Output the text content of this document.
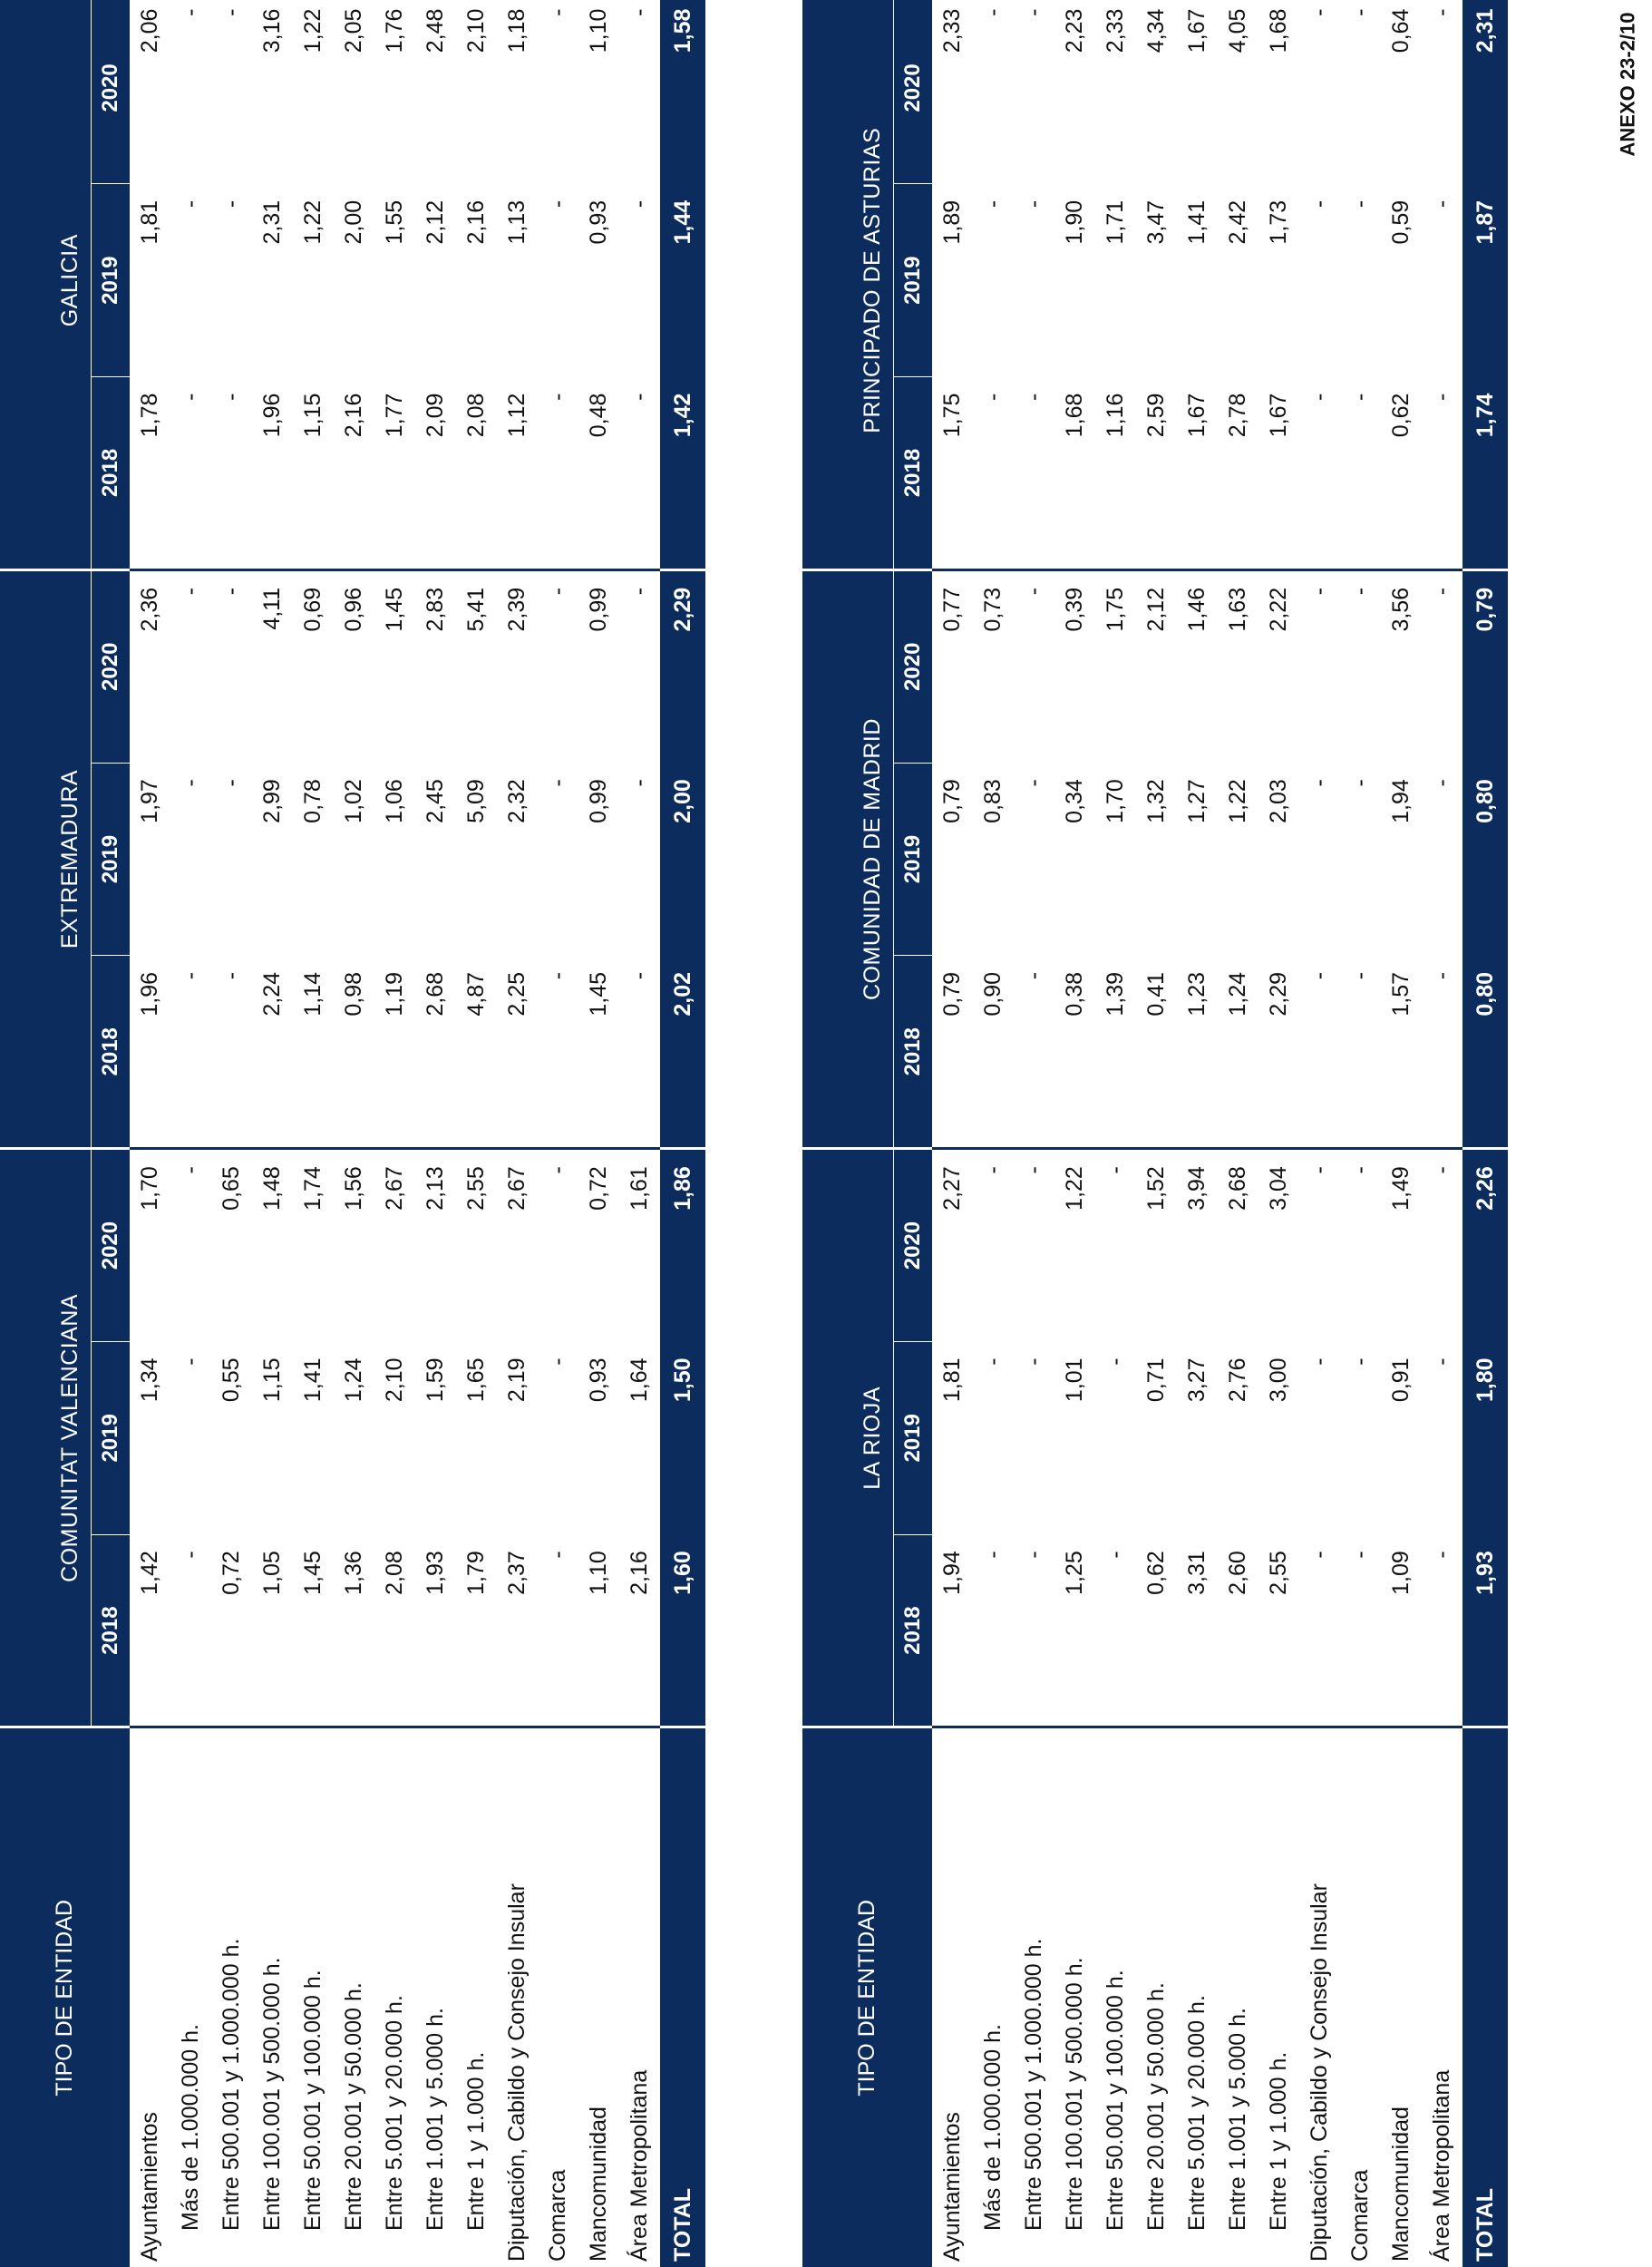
ANEXO 23-2/10
TIPO DE ENTIDAD	COMUNITAT VALENCIANA			EXTREMADURA			GALICIA	
	2018	2019	2020	2018	2019	2020	2018	2019	2020			
Ayuntamientos	1,42	1,34	1,70	1,96	1,97	2,36	1,78	1,81	2,06			
Más de 1.000.000 h.	-	-	-	-	-	-	-	-	-			
Entre 500.001 y 1.000.000 h.	0,72	0,55	0,65	-	-	-	-	-	-			
Entre 100.001 y 500.000 h.	1,05	1,15	1,48	2,24	2,99	4,11	1,96	2,31	3,16			
Entre 50.001 y 100.000 h.	1,45	1,41	1,74	1,14	0,78	0,69	1,15	1,22	1,22			
Entre 20.001 y 50.000 h.	1,36	1,24	1,56	0,98	1,02	0,96	2,16	2,00	2,05			
Entre 5.001 y 20.000 h.	2,08	2,10	2,67	1,19	1,06	1,45	1,77	1,55	1,76			
Entre 1.001 y 5.000 h.	1,93	1,59	2,13	2,68	2,45	2,83	2,09	2,12	2,48			
Entre 1 y 1.000 h.	1,79	1,65	2,55	4,87	5,09	5,41	2,08	2,16	2,10			
Diputación, Cabildo y Consejo Insular	2,37	2,19	2,67	2,25	2,32	2,39	1,12	1,13	1,18			
Comarca	-	-	-	-	-	-	-	-	-			
Mancomunidad	1,10	0,93	0,72	1,45	0,99	0,99	0,48	0,93	1,10			
Área Metropolitana	2,16	1,64	1,61	-	-	-	-	-	-			
TOTAL	1,60	1,50	1,86	2,02	2,00	2,29	1,42	1,44	1,58			
TIPO DE ENTIDAD	LA RIOJA			COMUNIDAD DE MADRID			PRINCIPADO DE ASTURIAS	
	2018	2019	2020	2018	2019	2020	2018	2019	2020			
Ayuntamientos	1,94	1,81	2,27	0,79	0,79	0,77	1,75	1,89	2,33			
Más de 1.000.000 h.	-	-	-	0,90	0,83	0,73	-	-	-			
Entre 500.001 y 1.000.000 h.	-	-	-	-	-	-	-	-	-			
Entre 100.001 y 500.000 h.	1,25	1,01	1,22	0,38	0,34	0,39	1,68	1,90	2,23			
Entre 50.001 y 100.000 h.	-	-	-	1,39	1,70	1,75	1,16	1,71	2,33			
Entre 20.001 y 50.000 h.	0,62	0,71	1,52	0,41	1,32	2,12	2,59	3,47	4,34			
Entre 5.001 y 20.000 h.	3,31	3,27	3,94	1,23	1,27	1,46	1,67	1,41	1,67			
Entre 1.001 y 5.000 h.	2,60	2,76	2,68	1,24	1,22	1,63	2,78	2,42	4,05			
Entre 1 y 1.000 h.	2,55	3,00	3,04	2,29	2,03	2,22	1,67	1,73	1,68			
Diputación, Cabildo y Consejo Insular	-	-	-	-	-	-	-	-	-			
Comarca	-	-	-	-	-	-	-	-	-			
Mancomunidad	1,09	0,91	1,49	1,57	1,94	3,56	0,62	0,59	0,64			
Área Metropolitana	-	-	-	-	-	-	-	-	-			
TOTAL	1,93	1,80	2,26	0,80	0,80	0,79	1,74	1,87	2,31			
